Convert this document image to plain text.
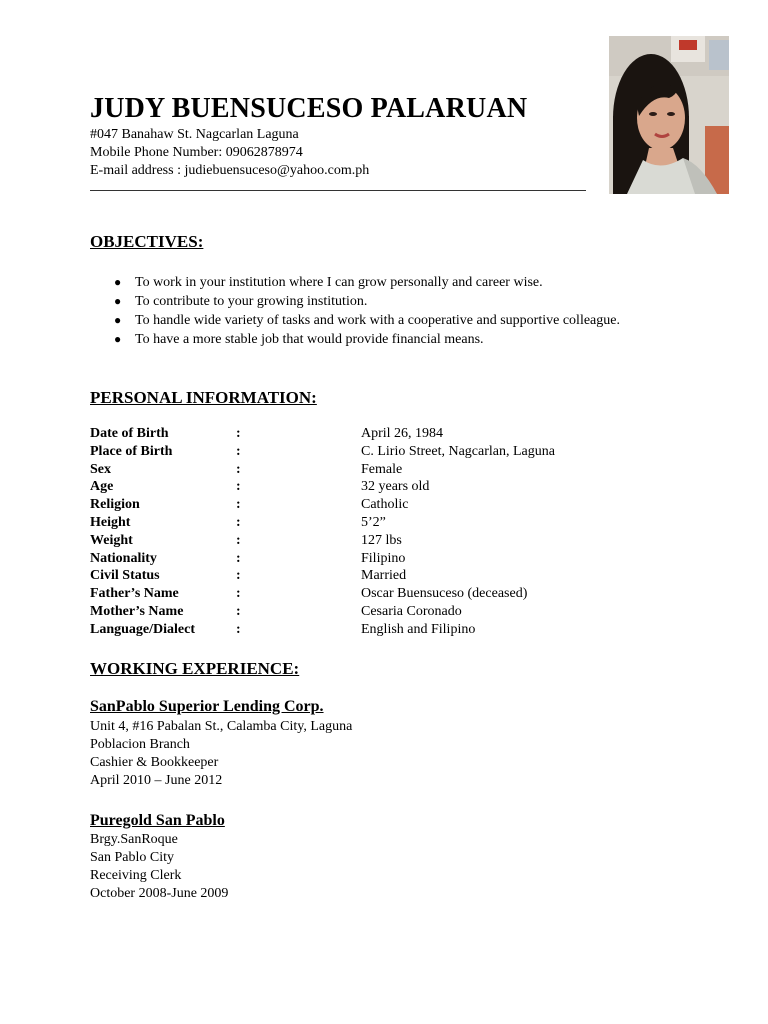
JUDY BUENSUCESO PALARUAN
#047 Banahaw St. Nagcarlan Laguna
Mobile Phone Number: 09062878974
E-mail address : judiebuensuceso@yahoo.com.ph
OBJECTIVES:
● To work in your institution where I can grow personally and career wise.
● To contribute to your growing institution.
● To handle wide variety of tasks and work with a cooperative and supportive colleague.
● To have a more stable job that would provide financial means.
PERSONAL INFORMATION:
Date of Birth	:	April 26, 1984
Place of Birth	:	C. Lirio Street, Nagcarlan, Laguna
Sex	:	Female
Age	:	32 years old
Religion	:	Catholic
Height	:	5’2”
Weight	:	127 lbs
Nationality	:	Filipino
Civil Status	:	Married
Father’s Name	:	Oscar Buensuceso (deceased)
Mother’s Name	:	Cesaria Coronado
Language/Dialect	:	English and Filipino
WORKING EXPERIENCE:
SanPablo Superior Lending Corp.
Unit 4, #16 Pabalan St., Calamba City, Laguna
Poblacion Branch
Cashier & Bookkeeper
April 2010 – June 2012
Puregold San Pablo
Brgy.SanRoque
San Pablo City
Receiving Clerk
October 2008-June 2009
